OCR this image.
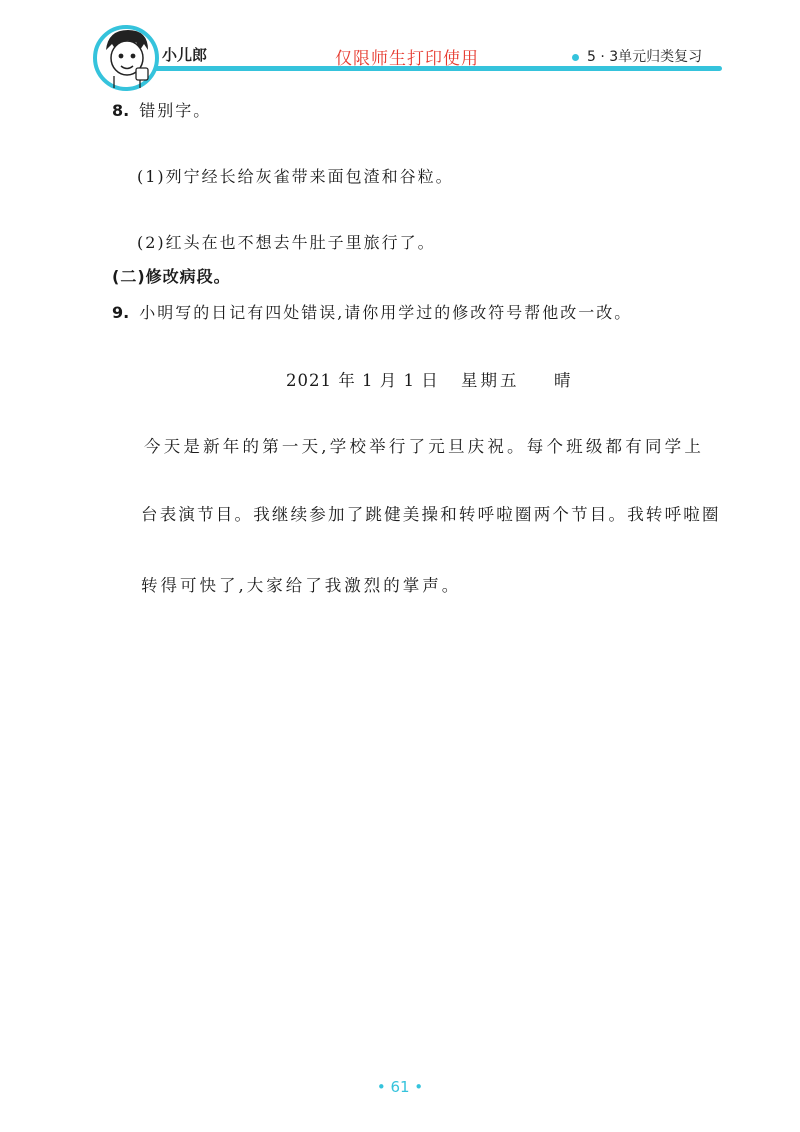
小儿郎	仅限师生打印使用	5 · 3单元归类复习
8. 错别字。
(1)列宁经长给灰雀带来面包渣和谷粒。
(2)红头在也不想去牛肚子里旅行了。
(二)修改病段。
9. 小明写的日记有四处错误,请你用学过的修改符号帮他改一改。
2021 年 1 月 1 日 星期五 晴
今天是新年的第一天,学校举行了元旦庆祝。每个班级都有同学上
台表演节目。我继续参加了跳健美操和转呼啦圈两个节目。我转呼啦圈
转得可快了,大家给了我激烈的掌声。
• 61 •
